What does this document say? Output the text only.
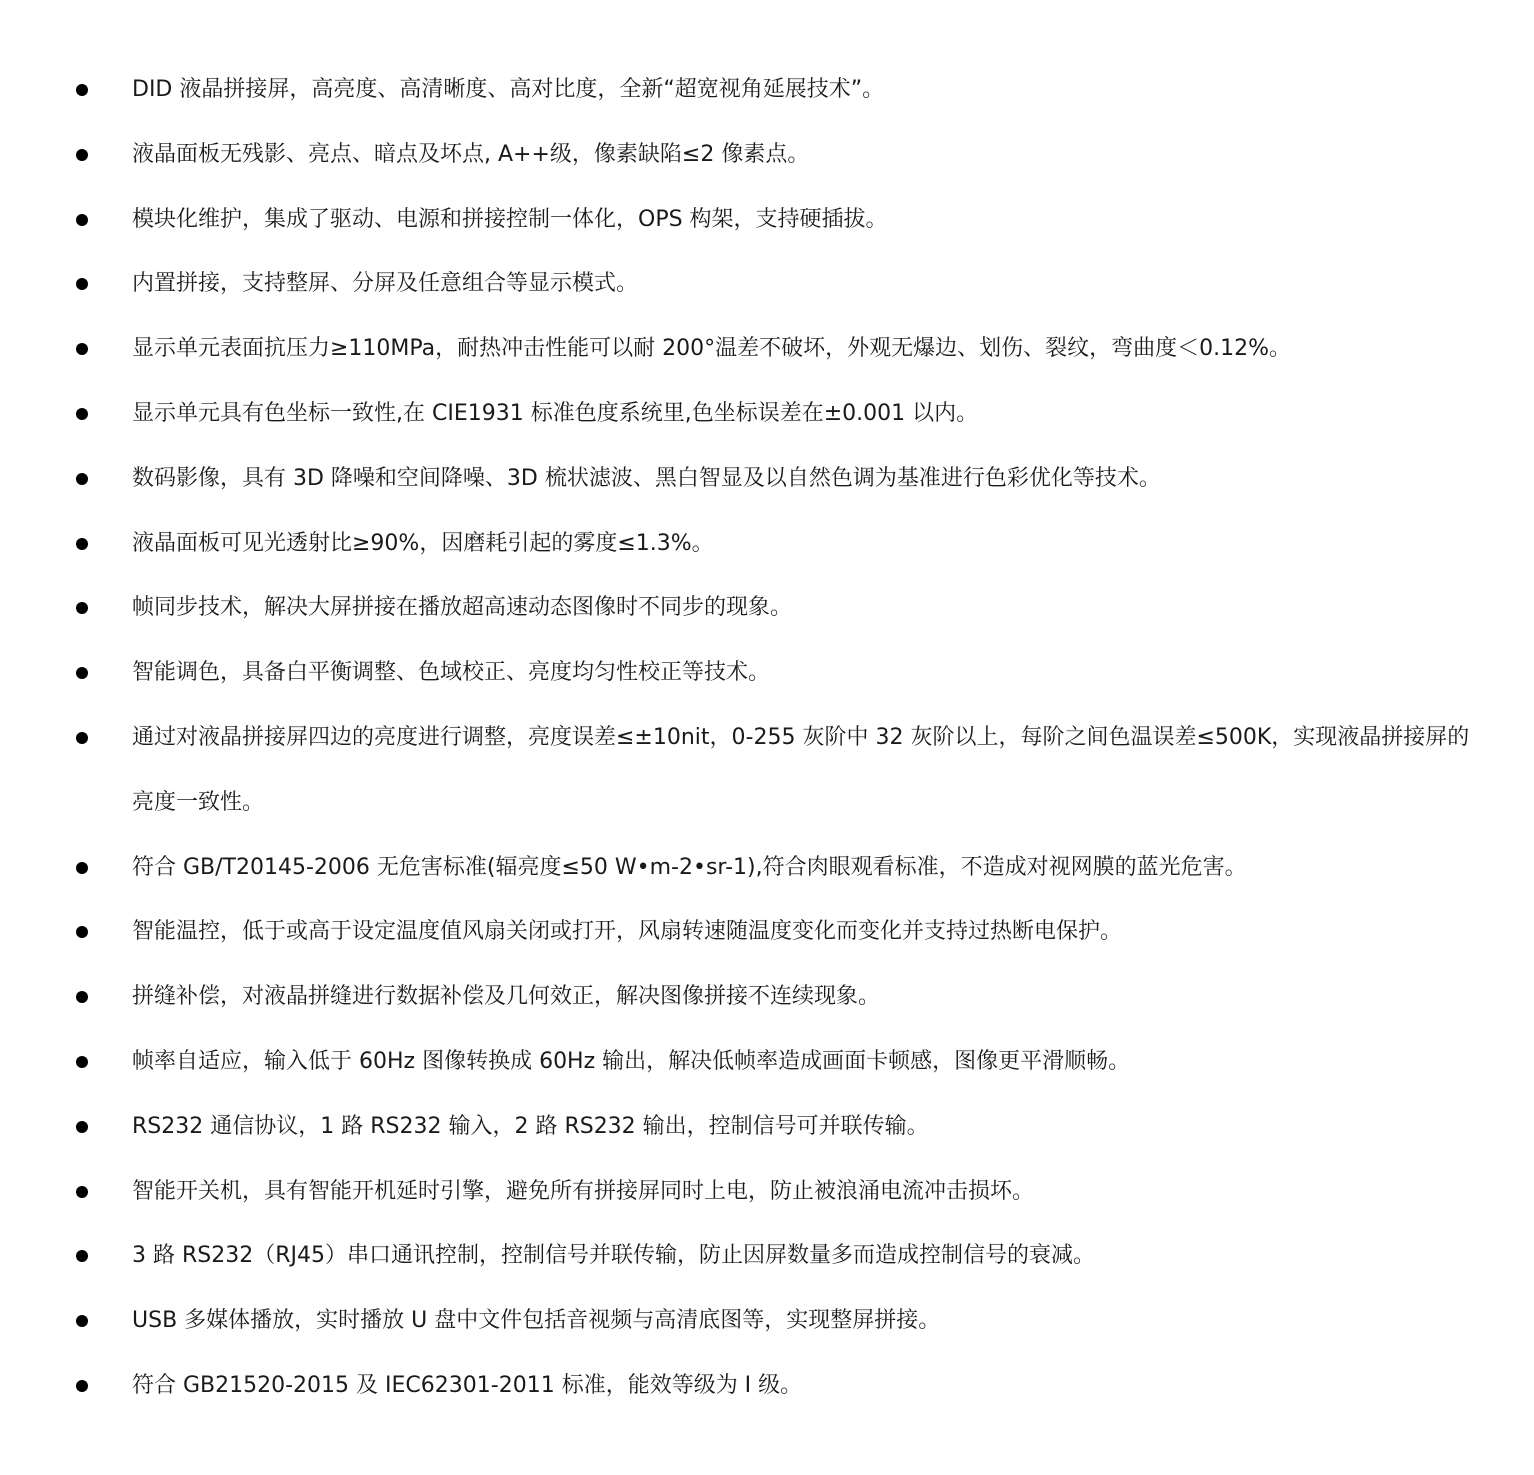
DID 液晶拼接屏，高亮度、高清晰度、高对比度，全新“超宽视角延展技术”。
液晶面板无残影、亮点、暗点及坏点, A++级，像素缺陷≤2 像素点。
模块化维护，集成了驱动、电源和拼接控制一体化，OPS 构架，支持硬插拔。
内置拼接，支持整屏、分屏及任意组合等显示模式。
显示单元表面抗压力≥110MPa，耐热冲击性能可以耐 200°温差不破坏，外观无爆边、划伤、裂纹，弯曲度＜0.12%。
显示单元具有色坐标一致性,在 CIE1931 标准色度系统里,色坐标误差在±0.001 以内。
数码影像，具有 3D 降噪和空间降噪、3D 梳状滤波、黑白智显及以自然色调为基准进行色彩优化等技术。
液晶面板可见光透射比≥90%，因磨耗引起的雾度≤1.3%。
帧同步技术，解决大屏拼接在播放超高速动态图像时不同步的现象。
智能调色，具备白平衡调整、色域校正、亮度均匀性校正等技术。
通过对液晶拼接屏四边的亮度进行调整，亮度误差≤±10nit，0-255 灰阶中 32 灰阶以上，每阶之间色温误差≤500K，实现液晶拼接屏的亮度一致性。
符合 GB/T20145-2006 无危害标准(辐亮度≤50 W•m-2•sr-1),符合肉眼观看标准，不造成对视网膜的蓝光危害。
智能温控，低于或高于设定温度值风扇关闭或打开，风扇转速随温度变化而变化并支持过热断电保护。
拼缝补偿，对液晶拼缝进行数据补偿及几何效正，解决图像拼接不连续现象。
帧率自适应，输入低于 60Hz 图像转换成 60Hz 输出，解决低帧率造成画面卡顿感，图像更平滑顺畅。
RS232 通信协议，1 路 RS232 输入，2 路 RS232 输出，控制信号可并联传输。
智能开关机，具有智能开机延时引擎，避免所有拼接屏同时上电，防止被浪涌电流冲击损坏。
3 路 RS232（RJ45）串口通讯控制，控制信号并联传输，防止因屏数量多而造成控制信号的衰减。
USB 多媒体播放，实时播放 U 盘中文件包括音视频与高清底图等，实现整屏拼接。
符合 GB21520-2015 及 IEC62301-2011 标准，能效等级为 I 级。
